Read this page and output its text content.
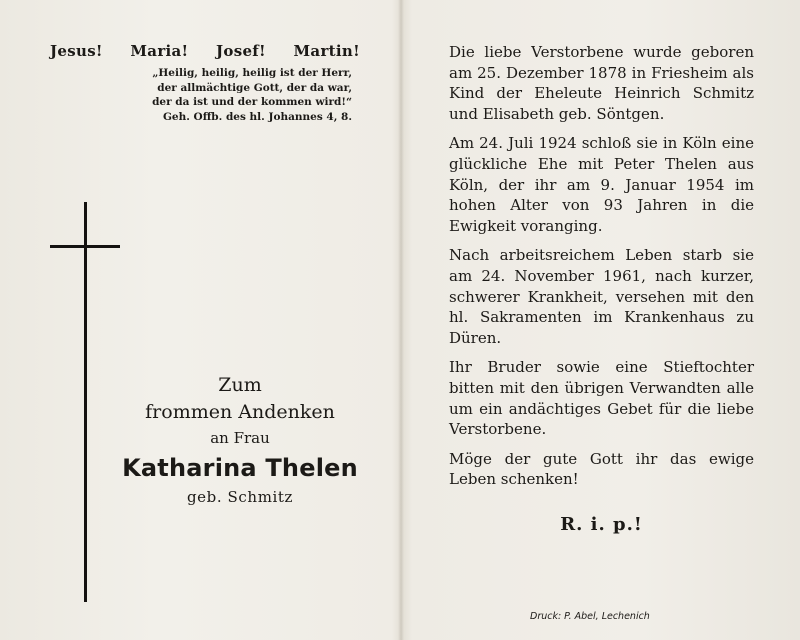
Jesus! Maria! Josef! Martin!
„Heilig, heilig, heilig ist der Herr,
der allmächtige Gott, der da war,
der da ist und der kommen wird!“
Geh. Offb. des hl. Johannes 4, 8.
Zum
frommen Andenken
an Frau
Katharina Thelen
geb. Schmitz

Die liebe Verstorbene wurde geboren am 25. Dezember 1878 in Friesheim als Kind der Eheleute Heinrich Schmitz und Elisabeth geb. Söntgen.

Am 24. Juli 1924 schloß sie in Köln eine glückliche Ehe mit Peter Thelen aus Köln, der ihr am 9. Januar 1954 im hohen Alter von 93 Jahren in die Ewigkeit voranging.

Nach arbeitsreichem Leben starb sie am 24. November 1961, nach kurzer, schwerer Krankheit, versehen mit den hl. Sakramenten im Krankenhaus zu Düren.

Ihr Bruder sowie eine Stieftochter bitten mit den übrigen Verwandten alle um ein andächtiges Gebet für die liebe Verstorbene.

Möge der gute Gott ihr das ewige Leben schenken!

R. i. p.!
Druck: P. Abel, Lechenich
